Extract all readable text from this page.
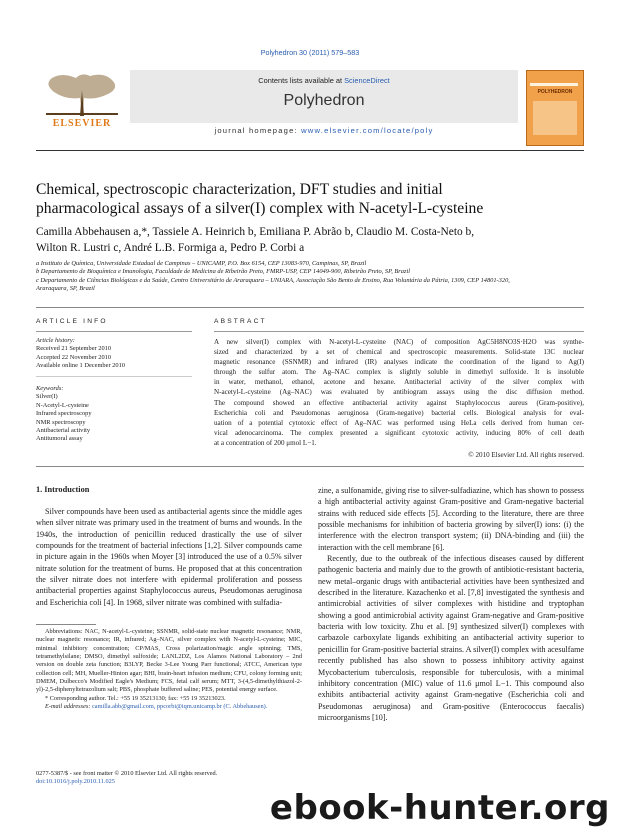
Polyhedron 30 (2011) 579–583
ELSEVIER
Contents lists available at ScienceDirect
Polyhedron
journal homepage: www.elsevier.com/locate/poly
POLYHEDRON
Chemical, spectroscopic characterization, DFT studies and initial
pharmacological assays of a silver(I) complex with N-acetyl-L-cysteine
Camilla Abbehausen a,*, Tassiele A. Heinrich b, Emiliana P. Abrão b, Claudio M. Costa-Neto b,
Wilton R. Lustri c, André L.B. Formiga a, Pedro P. Corbi a
a Instituto de Química, Universidade Estadual de Campinas – UNICAMP, P.O. Box 6154, CEP 13083-970, Campinas, SP, Brazil
b Departamento de Bioquímica e Imunologia, Faculdade de Medicina de Ribeirão Preto, FMRP-USP, CEP 14049-900, Ribeirão Preto, SP, Brazil
c Departamento de Ciências Biológicas e da Saúde, Centro Universitário de Araraquara – UNIARA, Associação São Bento de Ensino, Rua Voluntária da Pátria, 1309, CEP 14801-320,
Araraquara, SP, Brazil
ARTICLE INFO
Article history:
Received 21 September 2010
Accepted 22 November 2010
Available online 1 December 2010
Keywords:
Silver(I)
N-Acetyl-L-cysteine
Infrared spectroscopy
NMR spectroscopy
Antibacterial activity
Antitumoral assay
ABSTRACT
A new silver(I) complex with N-acetyl-L-cysteine (NAC) of composition AgC5H8NO3S·H2O was synthe-
sized and characterized by a set of chemical and spectroscopic measurements. Solid-state 13C nuclear
magnetic resonance (SSNMR) and infrared (IR) analyses indicate the coordination of the ligand to Ag(I)
through the sulfur atom. The Ag–NAC complex is slightly soluble in dimethyl sulfoxide. It is insoluble
in water, methanol, ethanol, acetone and hexane. Antibacterial activity of the silver complex with
N-acetyl-L-cysteine (Ag–NAC) was evaluated by antibiogram assays using the disc diffusion method.
The compound showed an effective antibacterial activity against Staphylococcus aureus (Gram-positive),
Escherichia coli and Pseudomonas aeruginosa (Gram-negative) bacterial cells. Biological analysis for eval-
uation of a potential cytotoxic effect of Ag–NAC was performed using HeLa cells derived from human cer-
vical adenocarcinoma. The complex presented a significant cytotoxic activity, inducing 80% of cell death
at a concentration of 200 μmol L−1.
© 2010 Elsevier Ltd. All rights reserved.
1. Introduction

Silver compounds have been used as antibacterial agents since the middle ages when silver nitrate was primary used in the treatment of burns and wounds. In the 1940s, the introduction of penicillin reduced drastically the use of silver compounds for the treatment of bacterial infections [1,2]. Silver compounds came in picture again in the 1960s when Moyer [3] introduced the use of a 0.5% silver nitrate solution for the treatment of burns. He proposed that at this concentration the silver nitrate does not interfere with epidermal proliferation and possess antibacterial properties against Staphylococcus aureus, Pseudomonas aeruginosa and Escherichia coli [4]. In 1968, silver nitrate was combined with sulfadia-

Abbreviations: NAC, N-acetyl-L-cysteine; SSNMR, solid-state nuclear magnetic resonance; NMR, nuclear magnetic resonance; IR, infrared; Ag–NAC, silver complex with N-acetyl-L-cysteine; MIC, minimal inhibitory concentration; CP/MAS, Cross polarization/magic angle spinning; TMS, tetramethylsilane; DMSO, dimethyl sulfoxide; LANL2DZ, Los Alamos National Laboratory – 2nd version on double zeta function; B3LYP, Becke 3-Lee Young Parr functional; ATCC, American type collection cell; MH, Mueller-Hinton agar; BHI, brain-heart infusion medium; CFU, colony forming unit; DMEM, Dulbecco's Modified Eagle's Medium; FCS, fetal calf serum; MTT, 3-(4,5-dimethylthiazol-2-yl)-2,5-diphenyltetrazolium salt; PBS, phosphate buffered saline; PES, potential energy surface.
* Corresponding author. Tel.: +55 19 35213130; fax: +55 19 35213023.
E-mail addresses: camilla.abb@gmail.com, ppcorbi@iqm.unicamp.br (C. Abbehausen).
0277-5387/$ - see front matter © 2010 Elsevier Ltd. All rights reserved.
doi:10.1016/j.poly.2010.11.025

zine, a sulfonamide, giving rise to silver-sulfadiazine, which has shown to possess a high antibacterial activity against Gram-positive and Gram-negative bacterial strains with reduced side effects [5]. According to the literature, there are three possible mechanisms for inhibition of bacteria growing by silver(I) ions: (i) the interference with the electron transport system; (ii) DNA-binding and (iii) the interaction with the cell membrane [6].

Recently, due to the outbreak of the infectious diseases caused by different pathogenic bacteria and mainly due to the growth of antibiotic-resistant bacteria, new metal–organic drugs with antibacterial activities have been synthesized and described in the literature. Kazachenko et al. [7,8] investigated the synthesis and antimicrobial activities of silver complexes with histidine and tryptophan showing a good antimicrobial activity against Gram-negative and Gram-positive bacteria with low toxicity. Zhu et al. [9] synthesized silver(I) complexes with carbazole carboxylate ligands exhibiting an antibacterial activity superior to penicillin for Gram-positive bacterial strains. A silver(I) complex with acesulfame recently published has also shown to possess inhibitory activity against Mycobacterium tuberculosis, responsible for tuberculosis, with a minimal inhibitory concentration (MIC) value of 11.6 μmol L−1. This compound also exhibits antibacterial activity against Gram-negative (Escherichia coli and Pseudomonas aeruginosa) and Gram-positive (Enterococcus faecalis) microorganisms [10].

ebook-hunter.org
